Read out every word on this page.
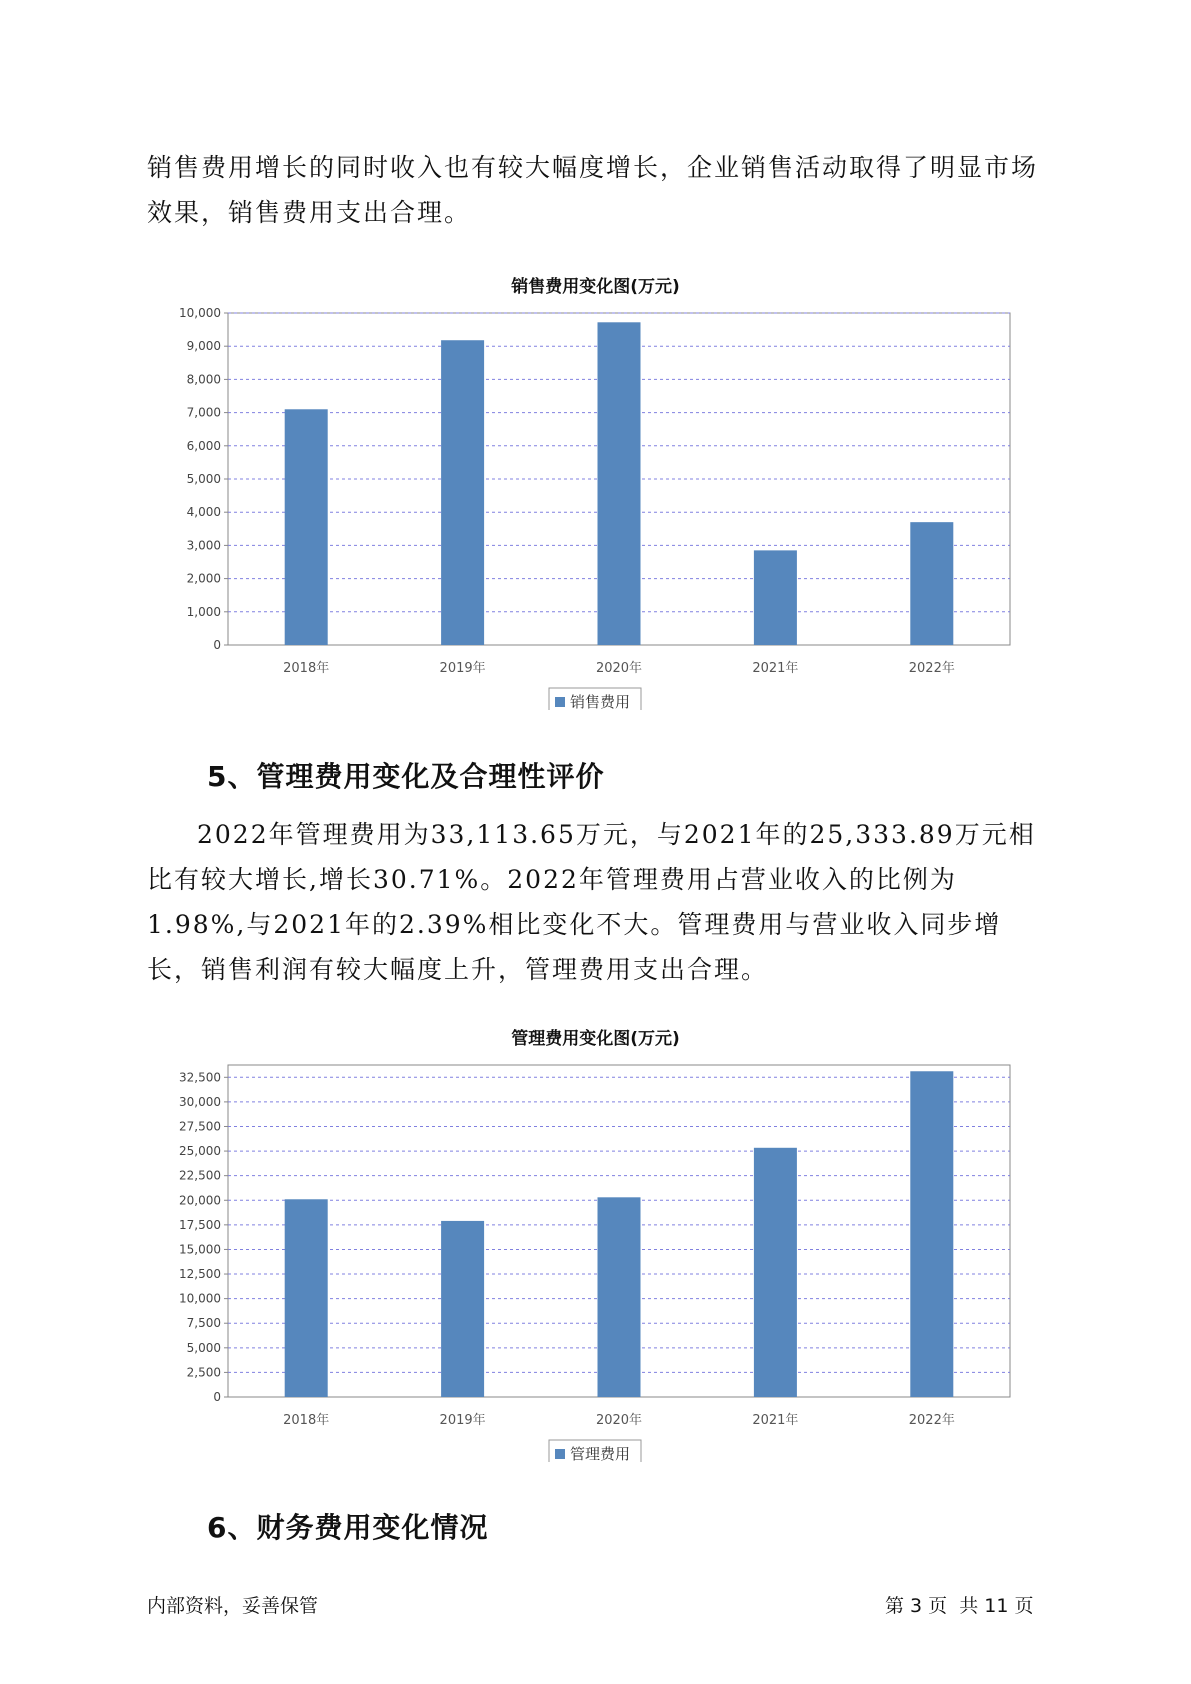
销售费用增长的同时收入也有较大幅度增长，企业销售活动取得了明显市场效果，销售费用支出合理。

销售费用变化图(万元)
0
1,000
2,000
3,000
4,000
5,000
6,000
7,000
8,000
9,000
10,000
2018年	2019年	2020年	2021年	2022年
销售费用
5、管理费用变化及合理性评价

2022年管理费用为33,113.65万元，与2021年的25,333.89万元相比有较大增长,增长30.71%。2022年管理费用占营业收入的比例为1.98%,与2021年的2.39%相比变化不大。管理费用与营业收入同步增长，销售利润有较大幅度上升，管理费用支出合理。

管理费用变化图(万元)
0
2,500
5,000
7,500
10,000
12,500
15,000
17,500
20,000
22,500
25,000
27,500
30,000
32,500
2018年	2019年	2020年	2021年	2022年
管理费用
6、财务费用变化情况
内部资料，妥善保管	第 3 页  共 11 页
